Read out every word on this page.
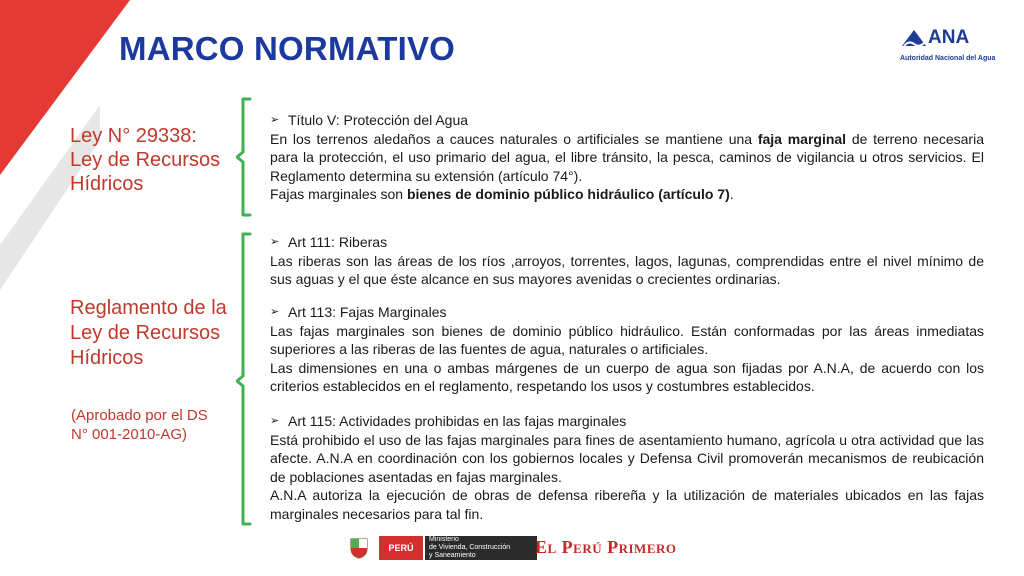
MARCO NORMATIVO	ANA
Autoridad Nacional del Agua
Ley N° 29338: Ley de Recursos Hídricos
Reglamento de la Ley de Recursos Hídricos
(Aprobado por el DS N° 001-2010-AG)
➢ Título V: Protección del Agua

En los terrenos aledaños a cauces naturales o artificiales se mantiene una faja marginal de terreno necesaria para la protección, el uso primario del agua, el libre tránsito, la pesca, caminos de vigilancia u otros servicios. El Reglamento determina su extensión (artículo 74°).

Fajas marginales son bienes de dominio público hidráulico (artículo 7).

➢ Art 111: Riberas

Las riberas son las áreas de los ríos ,arroyos, torrentes, lagos, lagunas, comprendidas entre el nivel mínimo de sus aguas y el que éste alcance en sus mayores avenidas o crecientes ordinarias.

➢ Art 113: Fajas Marginales

Las fajas marginales son bienes de dominio público hidráulico. Están conformadas por las áreas inmediatas superiores a las riberas de las fuentes de agua, naturales o artificiales.

Las dimensiones en una o ambas márgenes de un cuerpo de agua son fijadas por A.N.A, de acuerdo con los criterios establecidos en el reglamento, respetando los usos y costumbres establecidos.

➢ Art 115: Actividades prohibidas en las fajas marginales

Está prohibido el uso de las fajas marginales para fines de asentamiento humano, agrícola u otra actividad que las afecte. A.N.A en coordinación con los gobiernos locales y Defensa Civil promoverán mecanismos de reubicación de poblaciones asentadas en fajas marginales.

A.N.A autoriza la ejecución de obras de defensa ribereña y la utilización de materiales ubicados en las fajas marginales necesarios para tal fin.

PERÚ
Ministerio
de Vivienda, Construcción
y Saneamiento	El Perú Primero
